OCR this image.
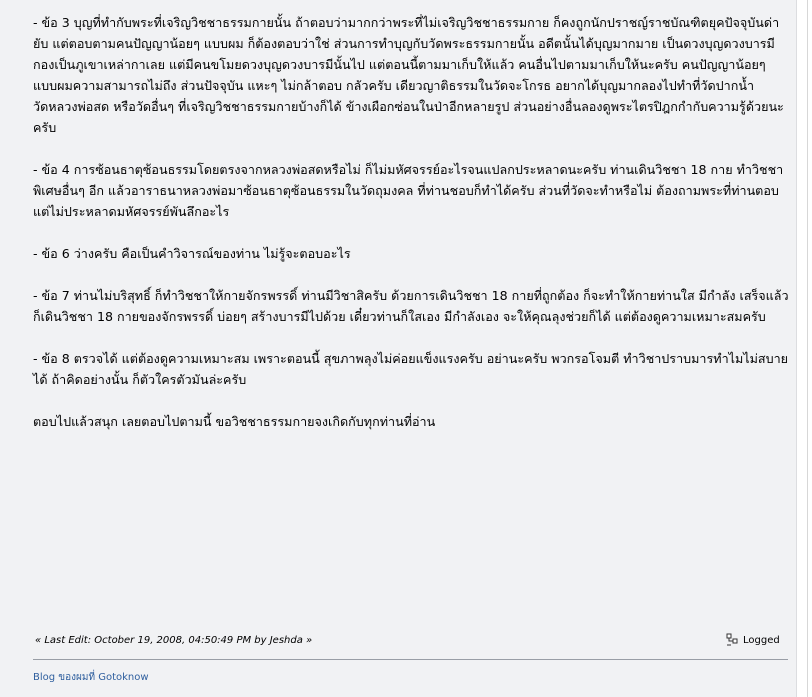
- ข้อ 3 บุญที่ทำกับพระที่เจริญวิชชาธรรมกายนั้น ถ้าตอบว่ามากกว่าพระที่ไม่เจริญวิชชาธรรมกาย ก็คงถูกนักปราชญ์ราชบัณฑิตยุคปัจจุบันด่ายับ แต่ตอบตามคนปัญญาน้อยๆ แบบผม ก็ต้องตอบว่าใช่ ส่วนการทำบุญกับวัดพระธรรมกายนั้น อดีตนั้นได้บุญมากมาย เป็นดวงบุญดวงบารมีกองเป็นภูเขาเหล่ากาเลย แต่มีคนขโมยดวงบุญดวงบารมีนั้นไป แต่ตอนนี้ตามมาเก็บให้แล้ว คนอื่นไปตามมาเก็บให้นะครับ คนปัญญาน้อยๆ แบบผมความสามารถไม่ถึง ส่วนปัจจุบัน แหะๆ ไม่กล้าตอบ กลัวครับ เดียวญาติธรรมในวัดจะโกรธ อยากได้บุญมากลองไปทำที่วัดปากน้ำ วัดหลวงพ่อสด หรือวัดอื่นๆ ที่เจริญวิชชาธรรมกายบ้างก็ได้ ข้างเผือกซ่อนในป่าอีกหลายรูป ส่วนอย่างอื่นลองดูพระไตรปิฎกกำกับความรู้ด้วยนะครับ

- ข้อ 4 การซ้อนธาตุซ้อนธรรมโดยตรงจากหลวงพ่อสดหรือไม่ ก็ไม่มหัศจรรย์อะไรจนแปลกประหลาดนะครับ ท่านเดินวิชชา 18 กาย ทำวิชชาพิเศษอื่นๆ อีก แล้วอาราธนาหลวงพ่อมาซ้อนธาตุซ้อนธรรมในวัดถุมงคล ที่ท่านชอบก็ทำได้ครับ ส่วนที่วัดจะทำหรือไม่ ต้องถามพระที่ท่านตอบ แต่ไม่ประหลาดมหัศจรรย์พันลึกอะไร

- ข้อ 6 ว่างครับ คือเป็นคำวิจารณ์ของท่าน ไม่รู้จะตอบอะไร

- ข้อ 7 ท่านไม่บริสุทธิ์ ก็ทำวิชชาให้กายจักรพรรดิ์ ท่านมีวิชาสิครับ ด้วยการเดินวิชชา 18 กายที่ถูกต้อง ก็จะทำให้กายท่านใส มีกำลัง เสร็จแล้วก็เดินวิชชา 18 กายของจักรพรรดิ์ บ่อยๆ สร้างบารมีไปด้วย เดี๋ยวท่านก็ใสเอง มีกำลังเอง จะให้คุณลุงช่วยก็ได้ แต่ต้องดูความเหมาะสมครับ

- ข้อ 8 ตรวจได้ แต่ต้องดูความเหมาะสม เพราะตอนนี้ สุขภาพลุงไม่ค่อยแข็งแรงครับ อย่านะครับ พวกรอโจมตี ทำวิชาปราบมารทำไมไม่สบายได้ ถ้าคิดอย่างนั้น ก็ตัวใครตัวมันล่ะครับ

ตอบไปแล้วสนุก เลยตอบไปตามนี้ ขอวิชชาธรรมกายจงเกิดกับทุกท่านที่อ่าน

« Last Edit: October 19, 2008, 04:50:49 PM by Jeshda »	Logged
Blog ของผมที่ Gotoknow
